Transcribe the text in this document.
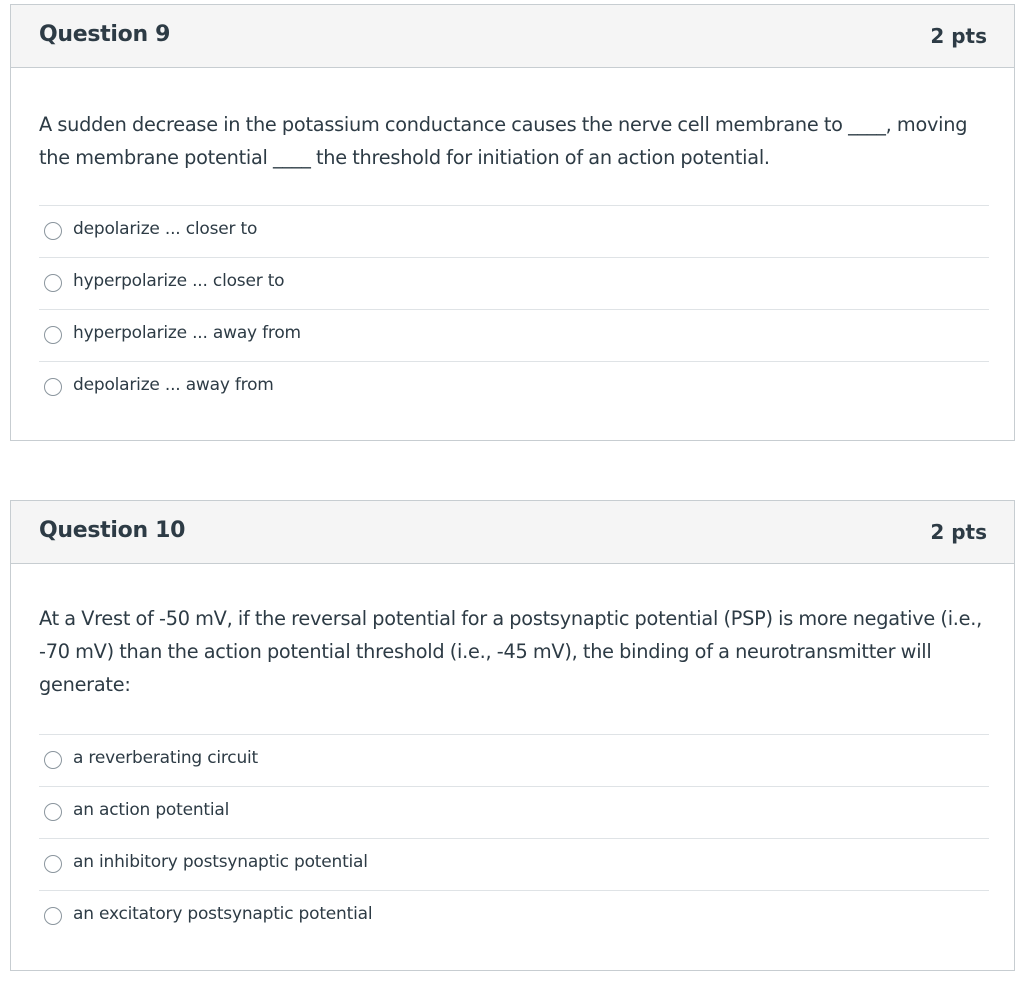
Question 9	2 pts
A sudden decrease in the potassium conductance causes the nerve cell membrane to ____, moving the membrane potential ____ the threshold for initiation of an action potential.
depolarize ... closer to
hyperpolarize ... closer to
hyperpolarize ... away from
depolarize ... away from
Question 10	2 pts
At a Vrest of -50 mV, if the reversal potential for a postsynaptic potential (PSP) is more negative (i.e., -70 mV) than the action potential threshold (i.e., -45 mV), the binding of a neurotransmitter will generate:
a reverberating circuit
an action potential
an inhibitory postsynaptic potential
an excitatory postsynaptic potential
